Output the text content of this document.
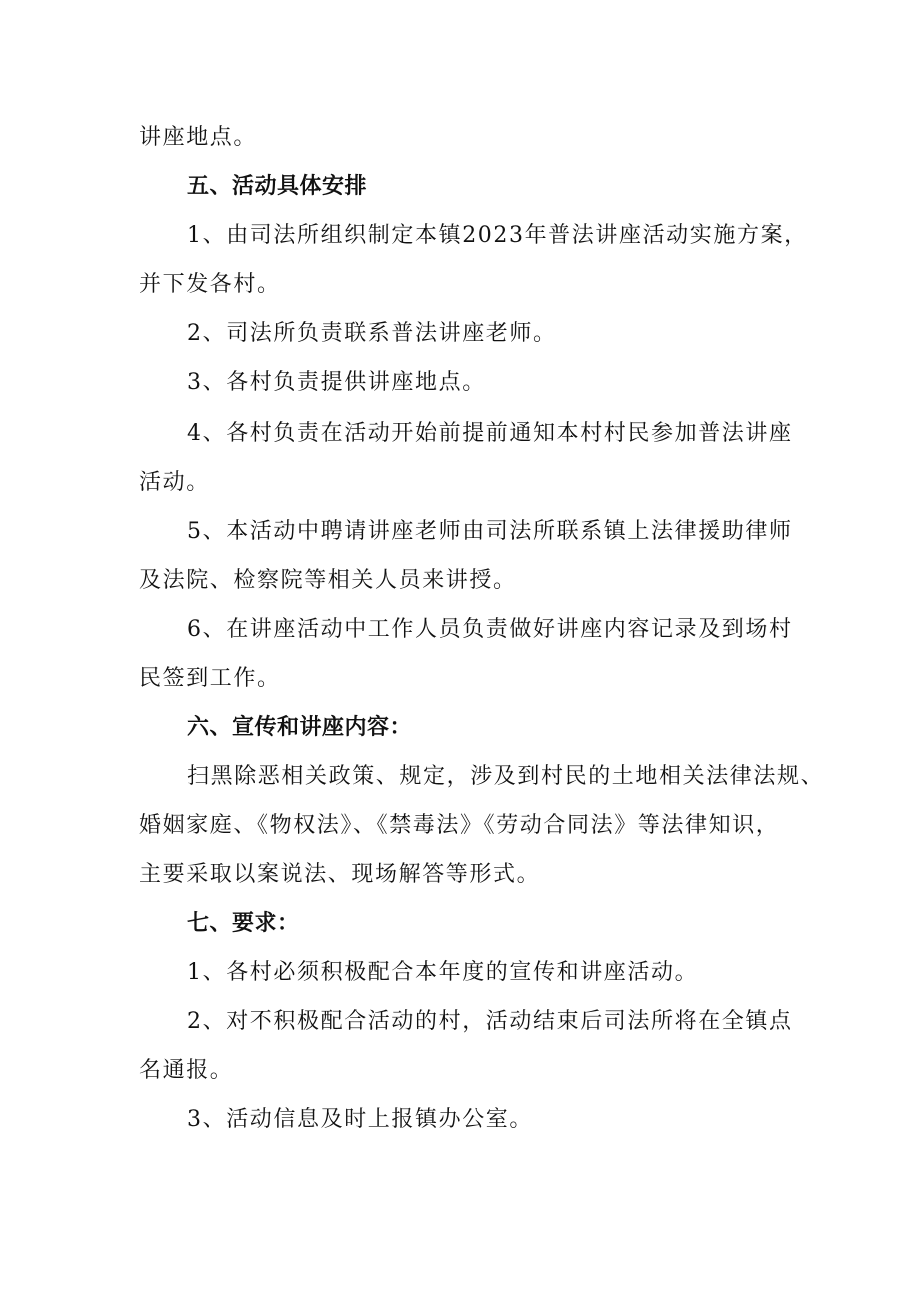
讲座地点。
五、活动具体安排
1、由司法所组织制定本镇2023年普法讲座活动实施方案，
并下发各村。
2、司法所负责联系普法讲座老师。
3、各村负责提供讲座地点。
4、各村负责在活动开始前提前通知本村村民参加普法讲座
活动。
5、本活动中聘请讲座老师由司法所联系镇上法律援助律师
及法院、检察院等相关人员来讲授。
6、在讲座活动中工作人员负责做好讲座内容记录及到场村
民签到工作。
六、宣传和讲座内容：
扫黑除恶相关政策、规定，涉及到村民的土地相关法律法规、
婚姻家庭、《物权法》、《禁毒法》《劳动合同法》等法律知识，
主要采取以案说法、现场解答等形式。
七、要求：
1、各村必须积极配合本年度的宣传和讲座活动。
2、对不积极配合活动的村，活动结束后司法所将在全镇点
名通报。
3、活动信息及时上报镇办公室。
